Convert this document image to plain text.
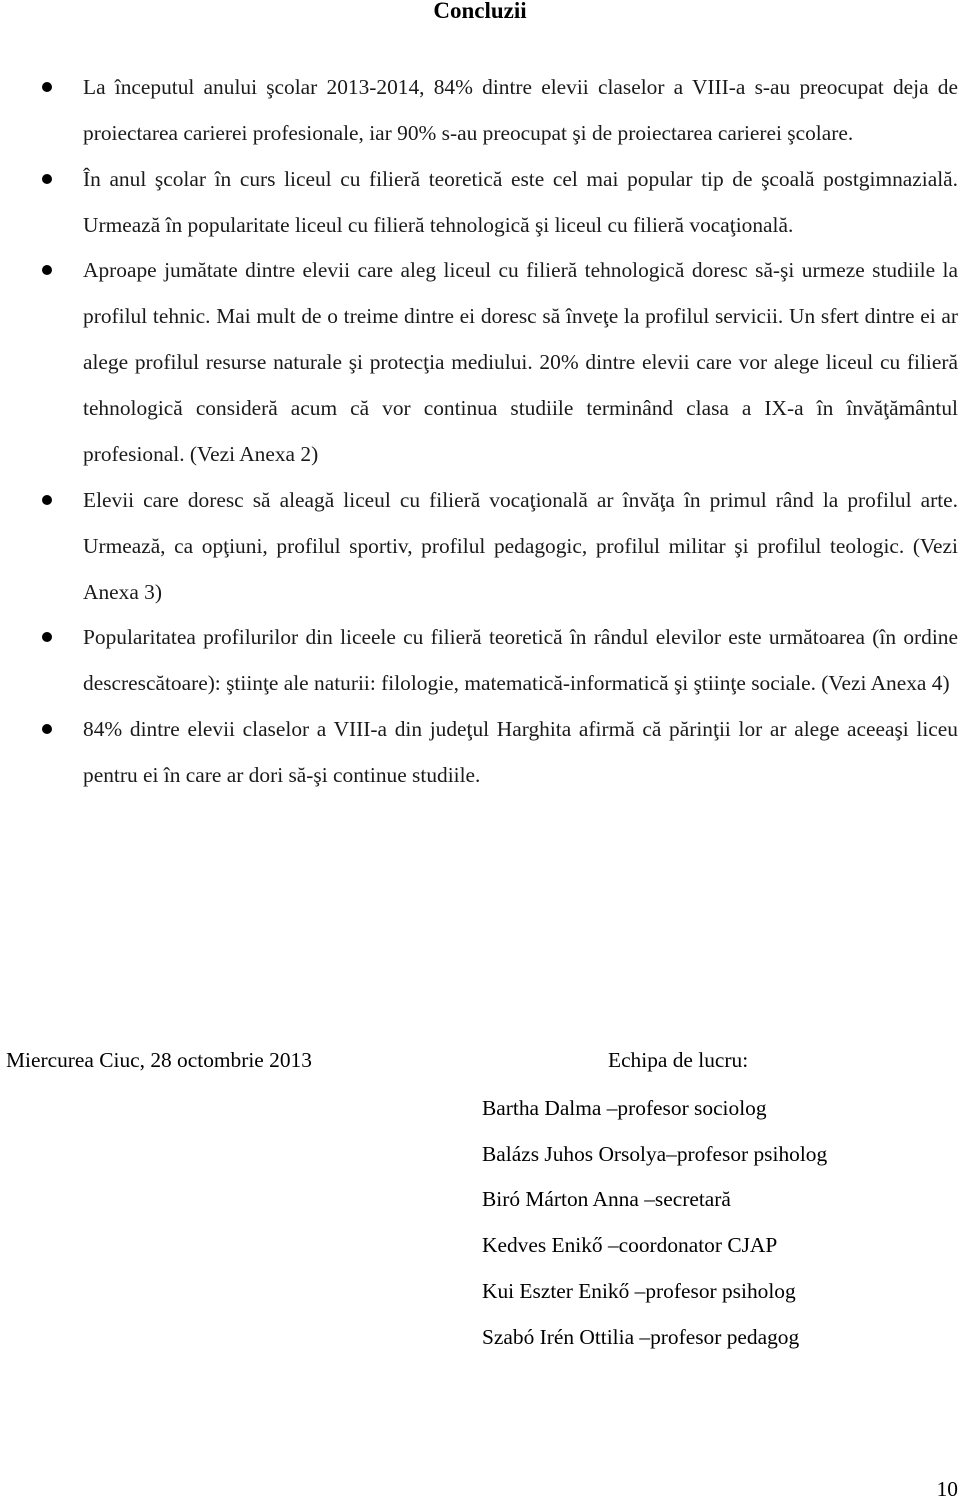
Concluzii
La începutul anului şcolar 2013-2014, 84% dintre elevii claselor a VIII-a s-au preocupat deja de proiectarea carierei profesionale, iar 90% s-au preocupat şi de proiectarea carierei şcolare.
În anul şcolar în curs liceul cu filieră teoretică este cel mai popular tip de şcoală postgimnazială. Urmează în popularitate liceul cu filieră tehnologică şi liceul cu filieră vocaţională.
Aproape jumătate dintre elevii care aleg liceul cu filieră tehnologică doresc să-şi urmeze studiile la profilul tehnic. Mai mult de o treime dintre ei doresc să înveţe la profilul servicii. Un sfert dintre ei ar alege profilul resurse naturale şi protecţia mediului. 20% dintre elevii care vor alege liceul cu filieră tehnologică consideră acum că vor continua studiile terminând clasa a IX-a în învăţământul profesional. (Vezi Anexa 2)
Elevii care doresc să aleagă liceul cu filieră vocaţională ar învăţa în primul rând la profilul arte. Urmează, ca opţiuni, profilul sportiv, profilul pedagogic, profilul militar şi profilul teologic. (Vezi Anexa 3)
Popularitatea profilurilor din liceele cu filieră teoretică în rândul elevilor este următoarea (în ordine descrescătoare): ştiinţe ale naturii: filologie, matematică-informatică şi ştiinţe sociale. (Vezi Anexa 4)
84% dintre elevii claselor a VIII-a din judeţul Harghita afirmă că părinţii lor ar alege aceeaşi liceu pentru ei în care ar dori să-şi continue studiile.
Miercurea Ciuc, 28 octombrie 2013	Echipa de lucru:
Bartha Dalma –profesor sociolog
Balázs Juhos Orsolya–profesor psiholog
Biró Márton Anna –secretară
Kedves Enikő –coordonator CJAP
Kui Eszter Enikő –profesor psiholog
Szabó Irén Ottilia –profesor pedagog
10
